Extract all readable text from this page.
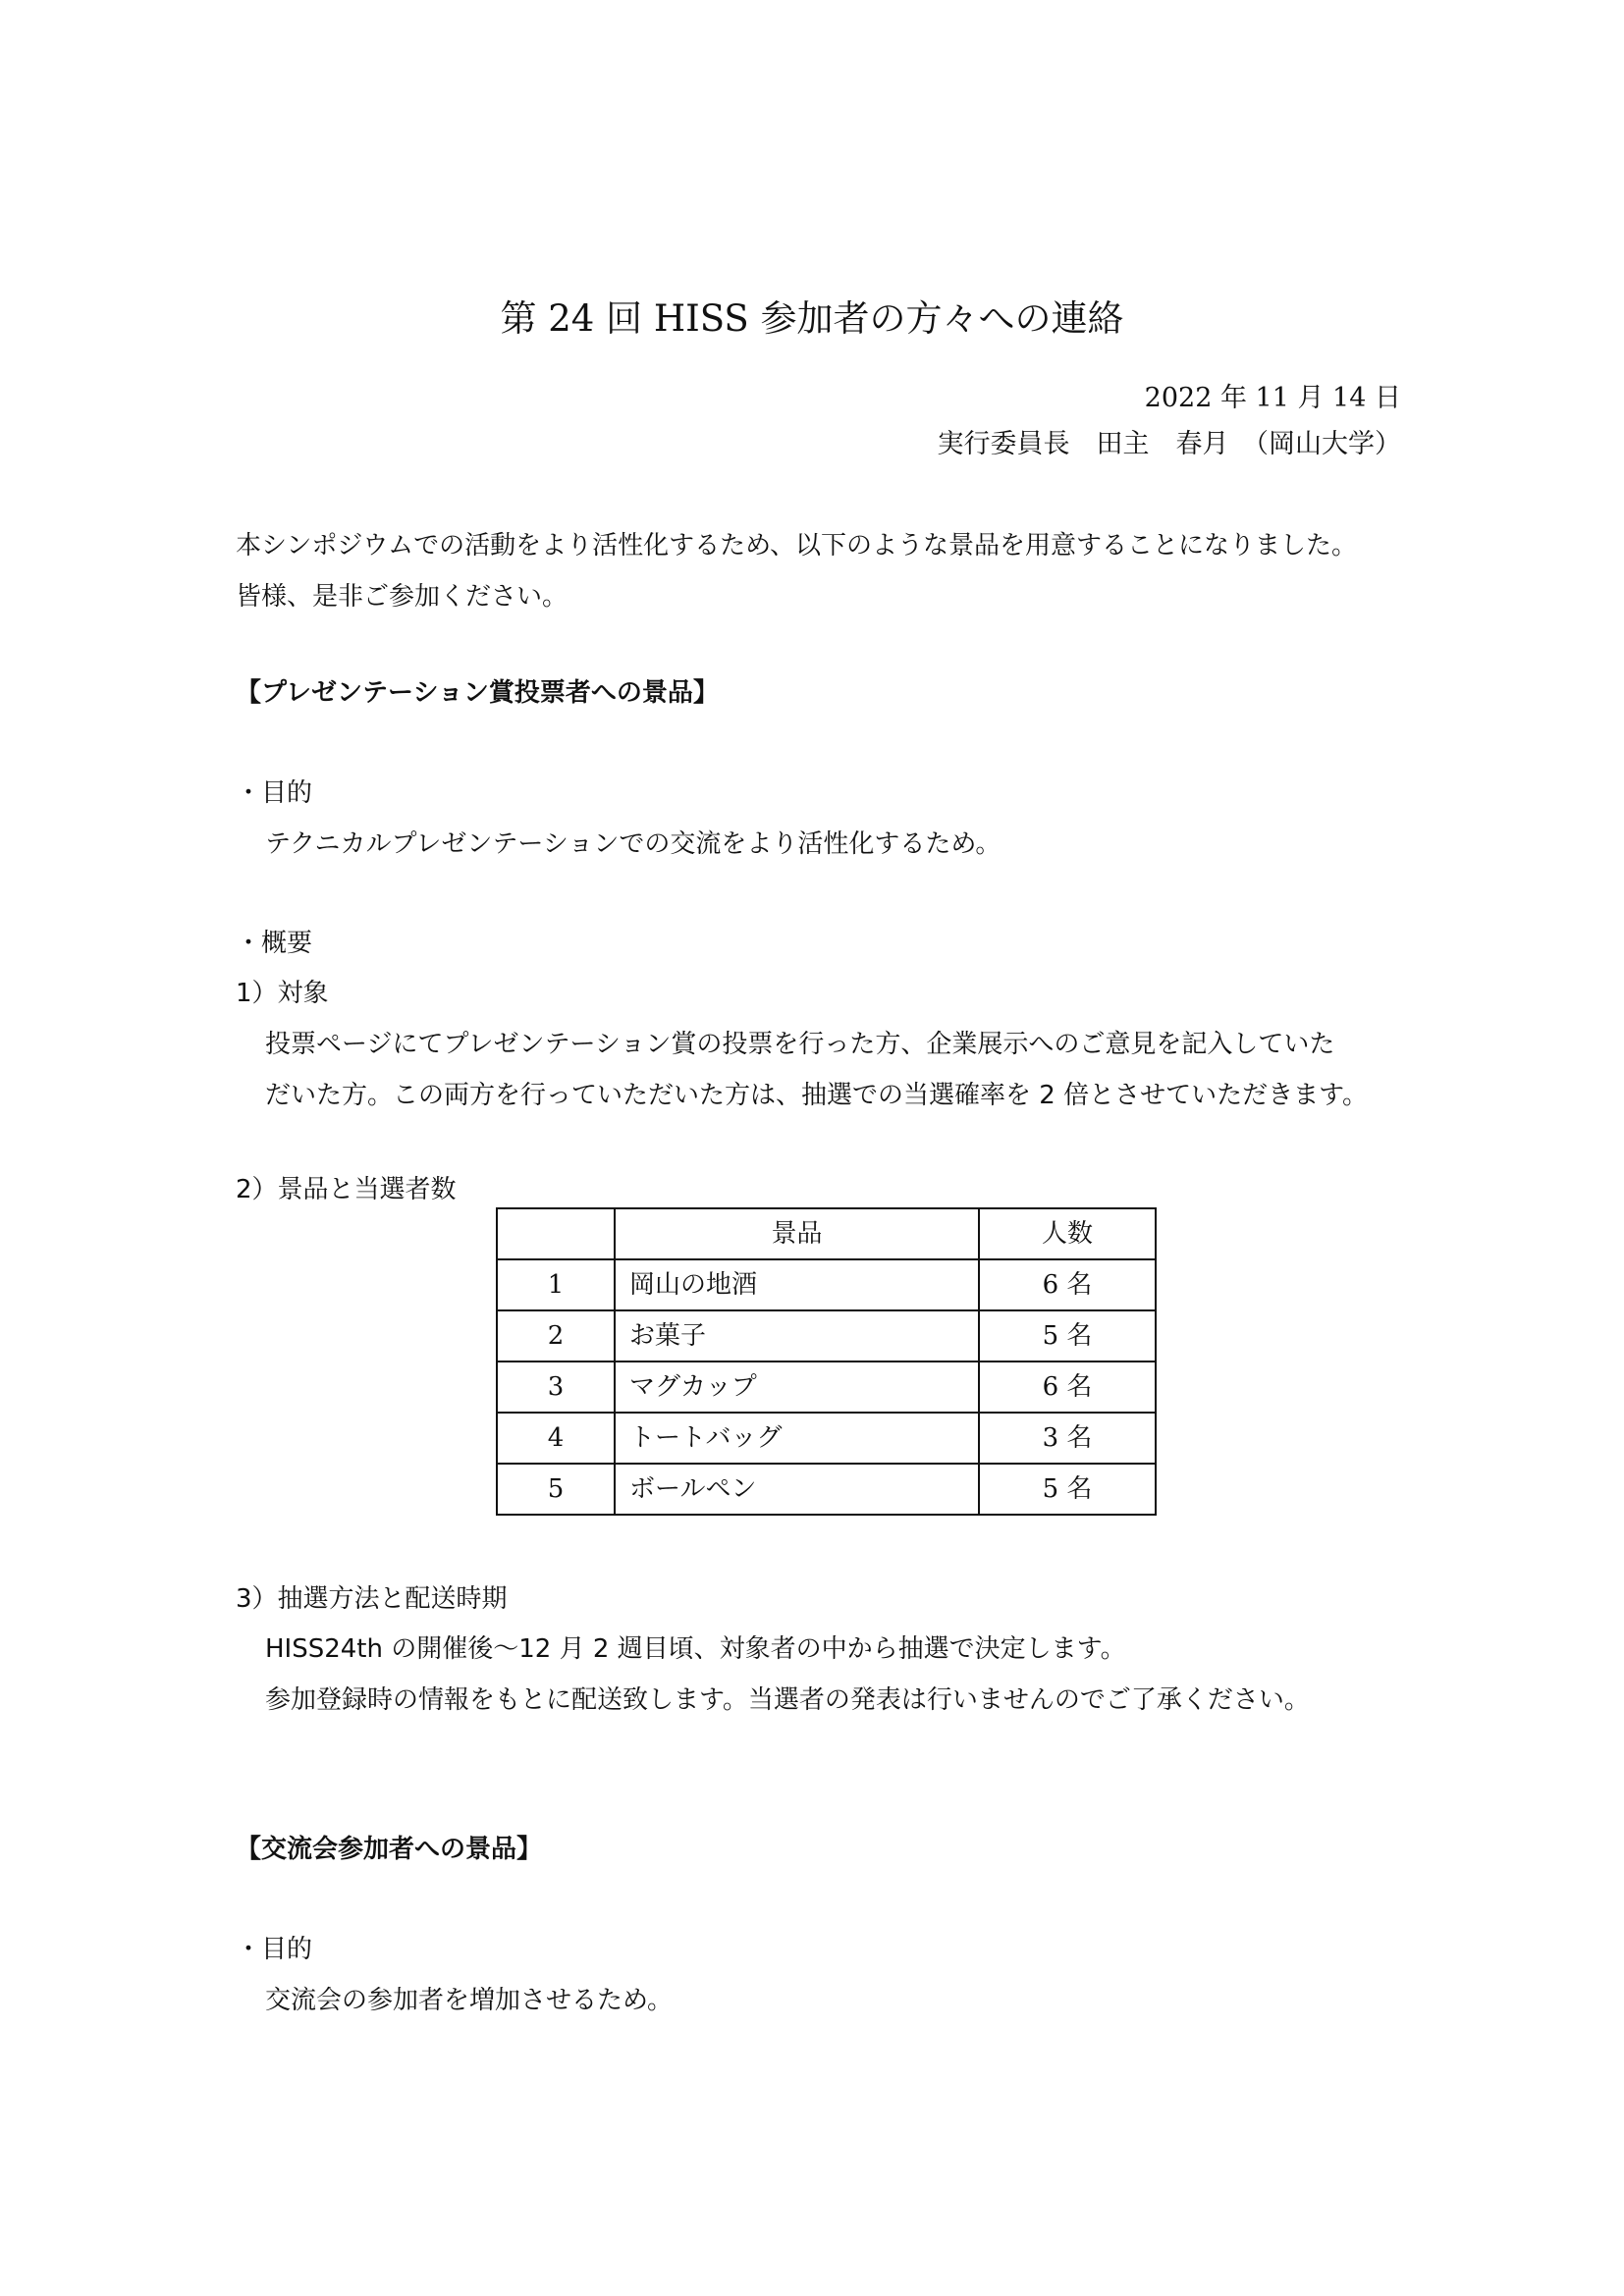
第 24 回 HISS 参加者の方々への連絡
2022 年 11 月 14 日
実行委員長　田主　春月　（岡山大学）
本シンポジウムでの活動をより活性化するため、以下のような景品を用意することになりました。
皆様、是非ご参加ください。
【プレゼンテーション賞投票者への景品】
・目的
テクニカルプレゼンテーションでの交流をより活性化するため。
・概要
1）対象
投票ページにてプレゼンテーション賞の投票を行った方、企業展示へのご意見を記入していた
だいた方。この両方を行っていただいた方は、抽選での当選確率を 2 倍とさせていただきます。
2）景品と当選者数
	景品	人数
1	岡山の地酒	6 名
2	お菓子	5 名
3	マグカップ	6 名
4	トートバッグ	3 名
5	ボールペン	5 名
3）抽選方法と配送時期
HISS24th の開催後～12 月 2 週目頃、対象者の中から抽選で決定します。
参加登録時の情報をもとに配送致します。当選者の発表は行いませんのでご了承ください。
【交流会参加者への景品】
・目的
交流会の参加者を増加させるため。
